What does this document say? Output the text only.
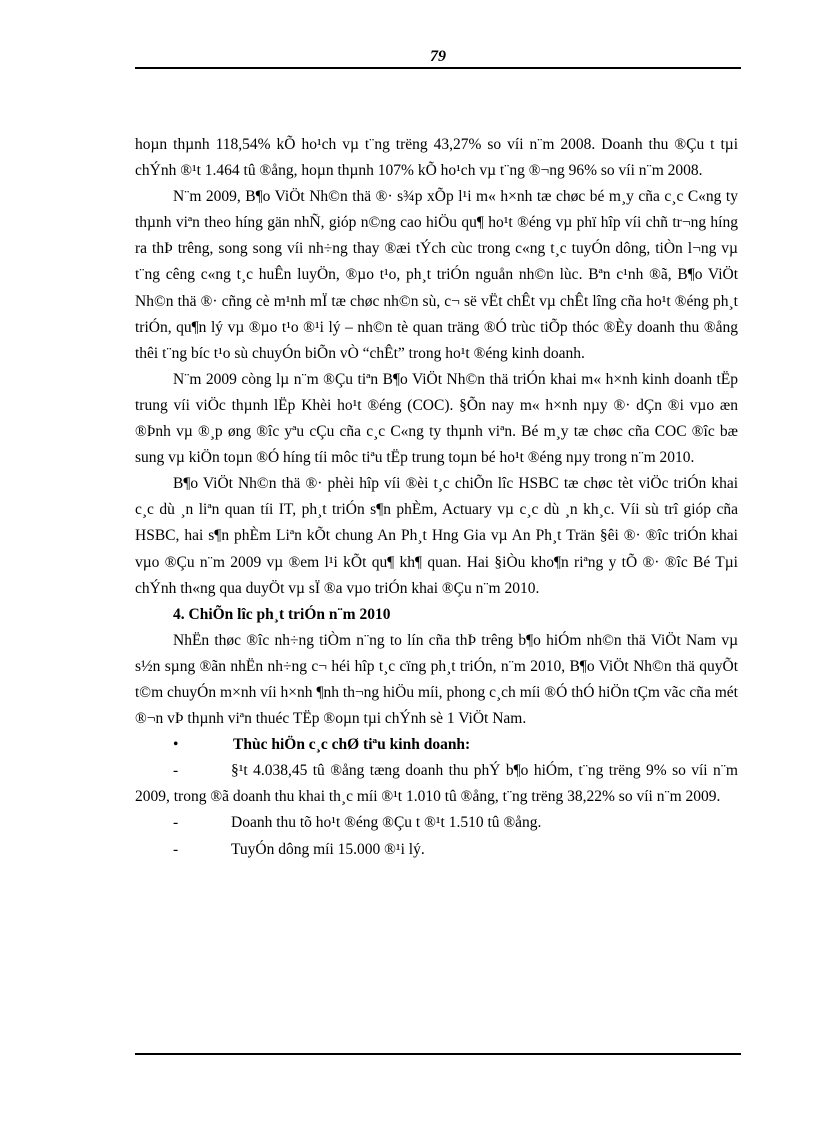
79

hoµn thµnh 118,54% kÕ ho¹ch vµ t¨ng trëng 43,27% so víi n¨m 2008. Doanh thu ®Çu t tµi chÝnh ®¹t 1.464 tû ®ång, hoµn thµnh 107% kÕ ho¹ch vµ t¨ng ®¬ng 96% so víi n¨m 2008.

N¨m 2009, B¶o ViÖt Nh©n thä ®· s¾p xÕp l¹i m« h×nh tæ chøc bé m¸y cña c¸c C«ng ty thµnh viªn theo híng gän nhÑ, gióp n©ng cao hiÖu qu¶ ho¹t ®éng vµ phï hîp víi chñ tr¬ng híng ra thÞ trêng, song song víi nh÷ng thay ®æi tÝch cùc trong c«ng t¸c tuyÓn dông, tiÒn l¬ng vµ t¨ng cêng c«ng t¸c huÊn luyÖn, ®µo t¹o, ph¸t triÓn nguån nh©n lùc. Bªn c¹nh ®ã, B¶o ViÖt Nh©n thä ®· cñng cè m¹nh mÏ tæ chøc nh©n sù, c¬ së vËt chÊt vµ chÊt lîng cña ho¹t ®éng ph¸t triÓn, qu¶n lý vµ ®µo t¹o ®¹i lý – nh©n tè quan träng ®Ó trùc tiÕp thóc ®Èy doanh thu ®ång thêi t¨ng bíc t¹o sù chuyÓn biÕn vÒ “chÊt” trong ho¹t ®éng kinh doanh.

N¨m 2009 còng lµ n¨m ®Çu tiªn B¶o ViÖt Nh©n thä triÓn khai m« h×nh kinh doanh tËp trung víi viÖc thµnh lËp Khèi ho¹t ®éng (COC). §Õn nay m« h×nh nµy ®· dÇn ®i vµo æn ®Þnh vµ ®¸p øng ®îc yªu cÇu cña c¸c C«ng ty thµnh viªn. Bé m¸y tæ chøc cña COC ®îc bæ sung vµ kiÖn toµn ®Ó híng tíi môc tiªu tËp trung toµn bé ho¹t ®éng nµy trong n¨m 2010.

B¶o ViÖt Nh©n thä ®· phèi hîp víi ®èi t¸c chiÕn lîc HSBC tæ chøc tèt viÖc triÓn khai c¸c dù ¸n liªn quan tíi IT, ph¸t triÓn s¶n phÈm, Actuary vµ c¸c dù ¸n kh¸c. Víi sù trî gióp cña HSBC, hai s¶n phÈm Liªn kÕt chung An Ph¸t Hng Gia vµ An Ph¸t Trän §êi ®· ®îc triÓn khai vµo ®Çu n¨m 2009 vµ ®em l¹i kÕt qu¶ kh¶ quan. Hai §iÒu kho¶n riªng y tÕ ®· ®îc Bé Tµi chÝnh th«ng qua duyÖt vµ sÏ ®a vµo triÓn khai ®Çu n¨m 2010.

4. ChiÕn lîc ph¸t triÓn n¨m 2010

NhËn thøc ®îc nh÷ng tiÒm n¨ng to lín cña thÞ trêng b¶o hiÓm nh©n thä ViÖt Nam vµ s½n sµng ®ãn nhËn nh÷ng c¬ héi hîp t¸c cïng ph¸t triÓn, n¨m 2010, B¶o ViÖt Nh©n thä quyÕt t©m chuyÓn m×nh víi h×nh ¶nh th¬ng hiÖu míi, phong c¸ch míi ®Ó thÓ hiÖn tÇm vãc cña mét ®¬n vÞ thµnh viªn thuéc TËp ®oµn tµi chÝnh sè 1 ViÖt Nam.

•	Thùc hiÖn c¸c chØ tiªu kinh doanh:

-	§¹t 4.038,45 tû ®ång tæng doanh thu phÝ b¶o hiÓm, t¨ng trëng 9% so víi n¨m 2009, trong ®ã doanh thu khai th¸c míi ®¹t 1.010 tû ®ång, t¨ng trëng 38,22% so víi n¨m 2009.

-	Doanh thu tõ ho¹t ®éng ®Çu t ®¹t 1.510 tû ®ång.

-	TuyÓn dông míi 15.000 ®¹i lý.
